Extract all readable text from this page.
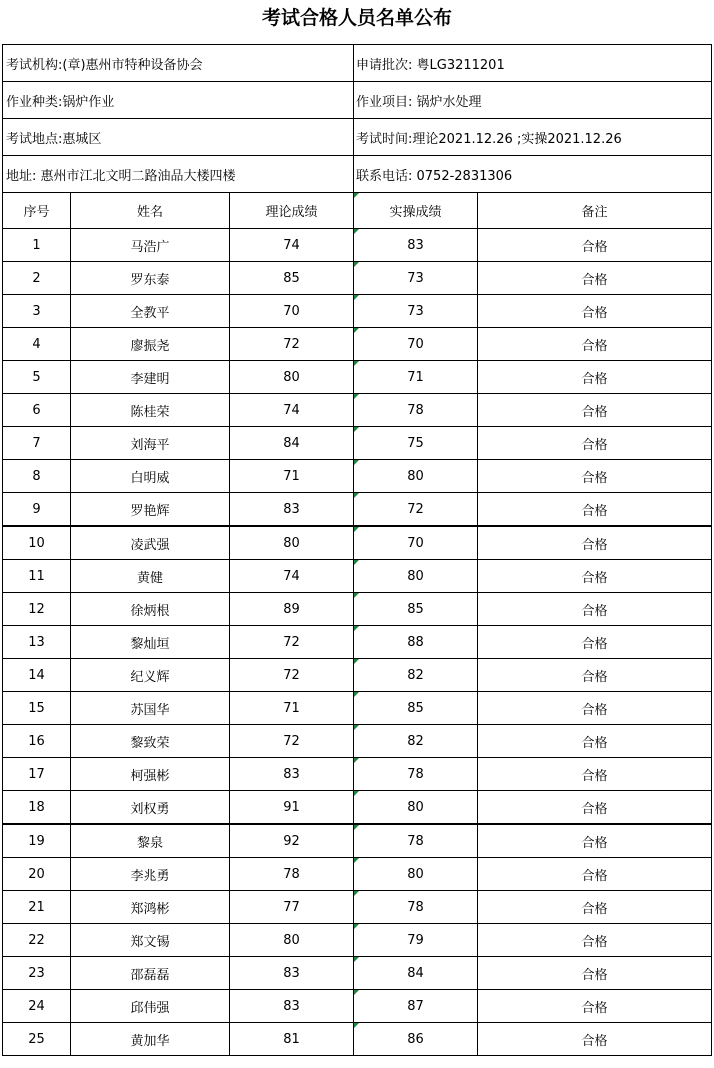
考试合格人员名单公布
考试机构:(章)惠州市特种设备协会			申请批次: 粤LG3211201	
作业种类:锅炉作业			作业项目: 锅炉水处理	
考试地点:惠城区			考试时间:理论2021.12.26 ;实操2021.12.26	
地址: 惠州市江北文明二路油品大楼四楼			联系电话: 0752-2831306	
序号	姓名	理论成绩	实操成绩	备注
1	马浩广	74	83	合格
2	罗东泰	85	73	合格
3	全教平	70	73	合格
4	廖振尧	72	70	合格
5	李建明	80	71	合格
6	陈桂荣	74	78	合格
7	刘海平	84	75	合格
8	白明威	71	80	合格
9	罗艳辉	83	72	合格
10	凌武强	80	70	合格
11	黄健	74	80	合格
12	徐炳根	89	85	合格
13	黎灿垣	72	88	合格
14	纪义辉	72	82	合格
15	苏国华	71	85	合格
16	黎致荣	72	82	合格
17	柯强彬	83	78	合格
18	刘权勇	91	80	合格
19	黎泉	92	78	合格
20	李兆勇	78	80	合格
21	郑鸿彬	77	78	合格
22	郑文锡	80	79	合格
23	邵磊磊	83	84	合格
24	邱伟强	83	87	合格
25	黄加华	81	86	合格
